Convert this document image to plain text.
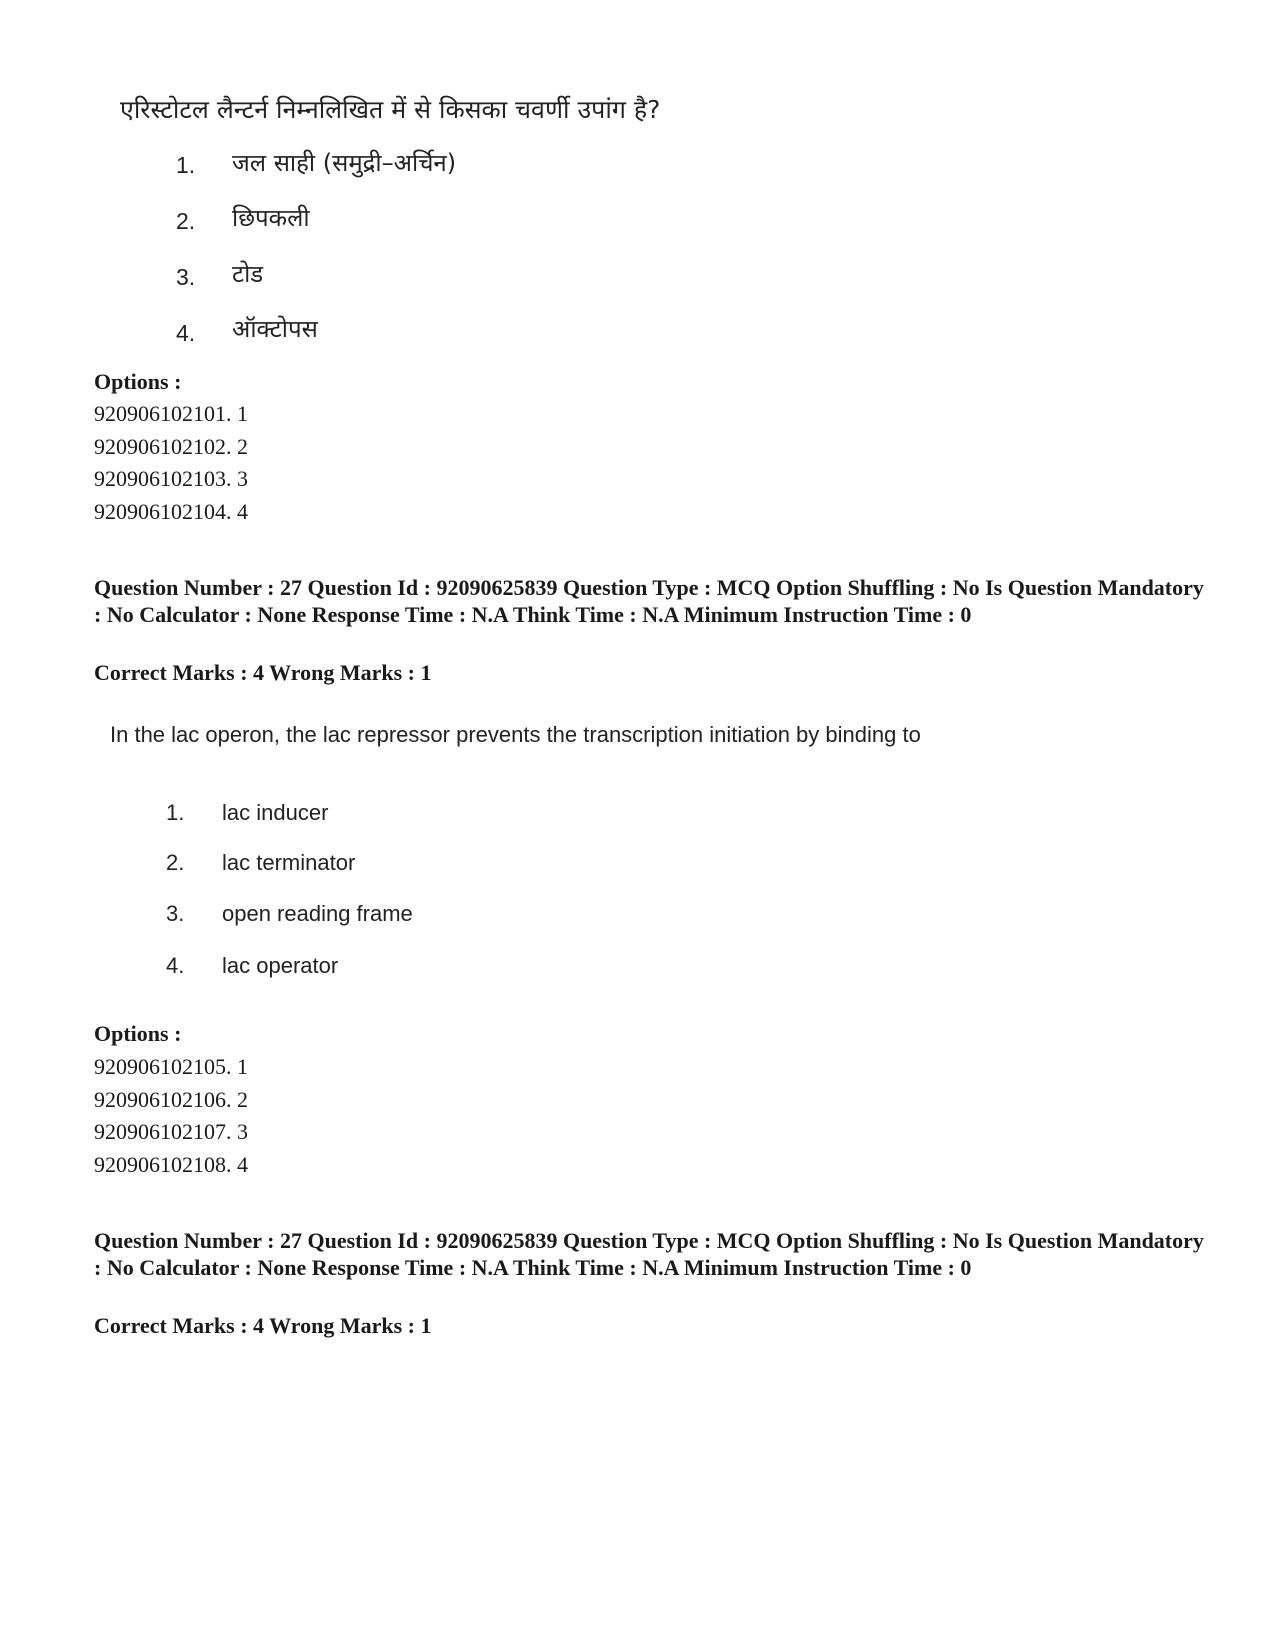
एरिस्टोटल लैन्टर्न निम्नलिखित में से किसका चवर्णी उपांग है?
1. जल साही (समुद्री–अर्चिन)
2. छिपकली
3. टोड
4. ऑक्टोपस
Options :
920906102101. 1
920906102102. 2
920906102103. 3
920906102104. 4
Question Number : 27 Question Id : 92090625839 Question Type : MCQ Option Shuffling : No Is Question Mandatory : No Calculator : None Response Time : N.A Think Time : N.A Minimum Instruction Time : 0
Correct Marks : 4 Wrong Marks : 1
In the lac operon, the lac repressor prevents the transcription initiation by binding to
1. lac inducer
2. lac terminator
3. open reading frame
4. lac operator
Options :
920906102105. 1
920906102106. 2
920906102107. 3
920906102108. 4
Question Number : 27 Question Id : 92090625839 Question Type : MCQ Option Shuffling : No Is Question Mandatory : No Calculator : None Response Time : N.A Think Time : N.A Minimum Instruction Time : 0
Correct Marks : 4 Wrong Marks : 1
